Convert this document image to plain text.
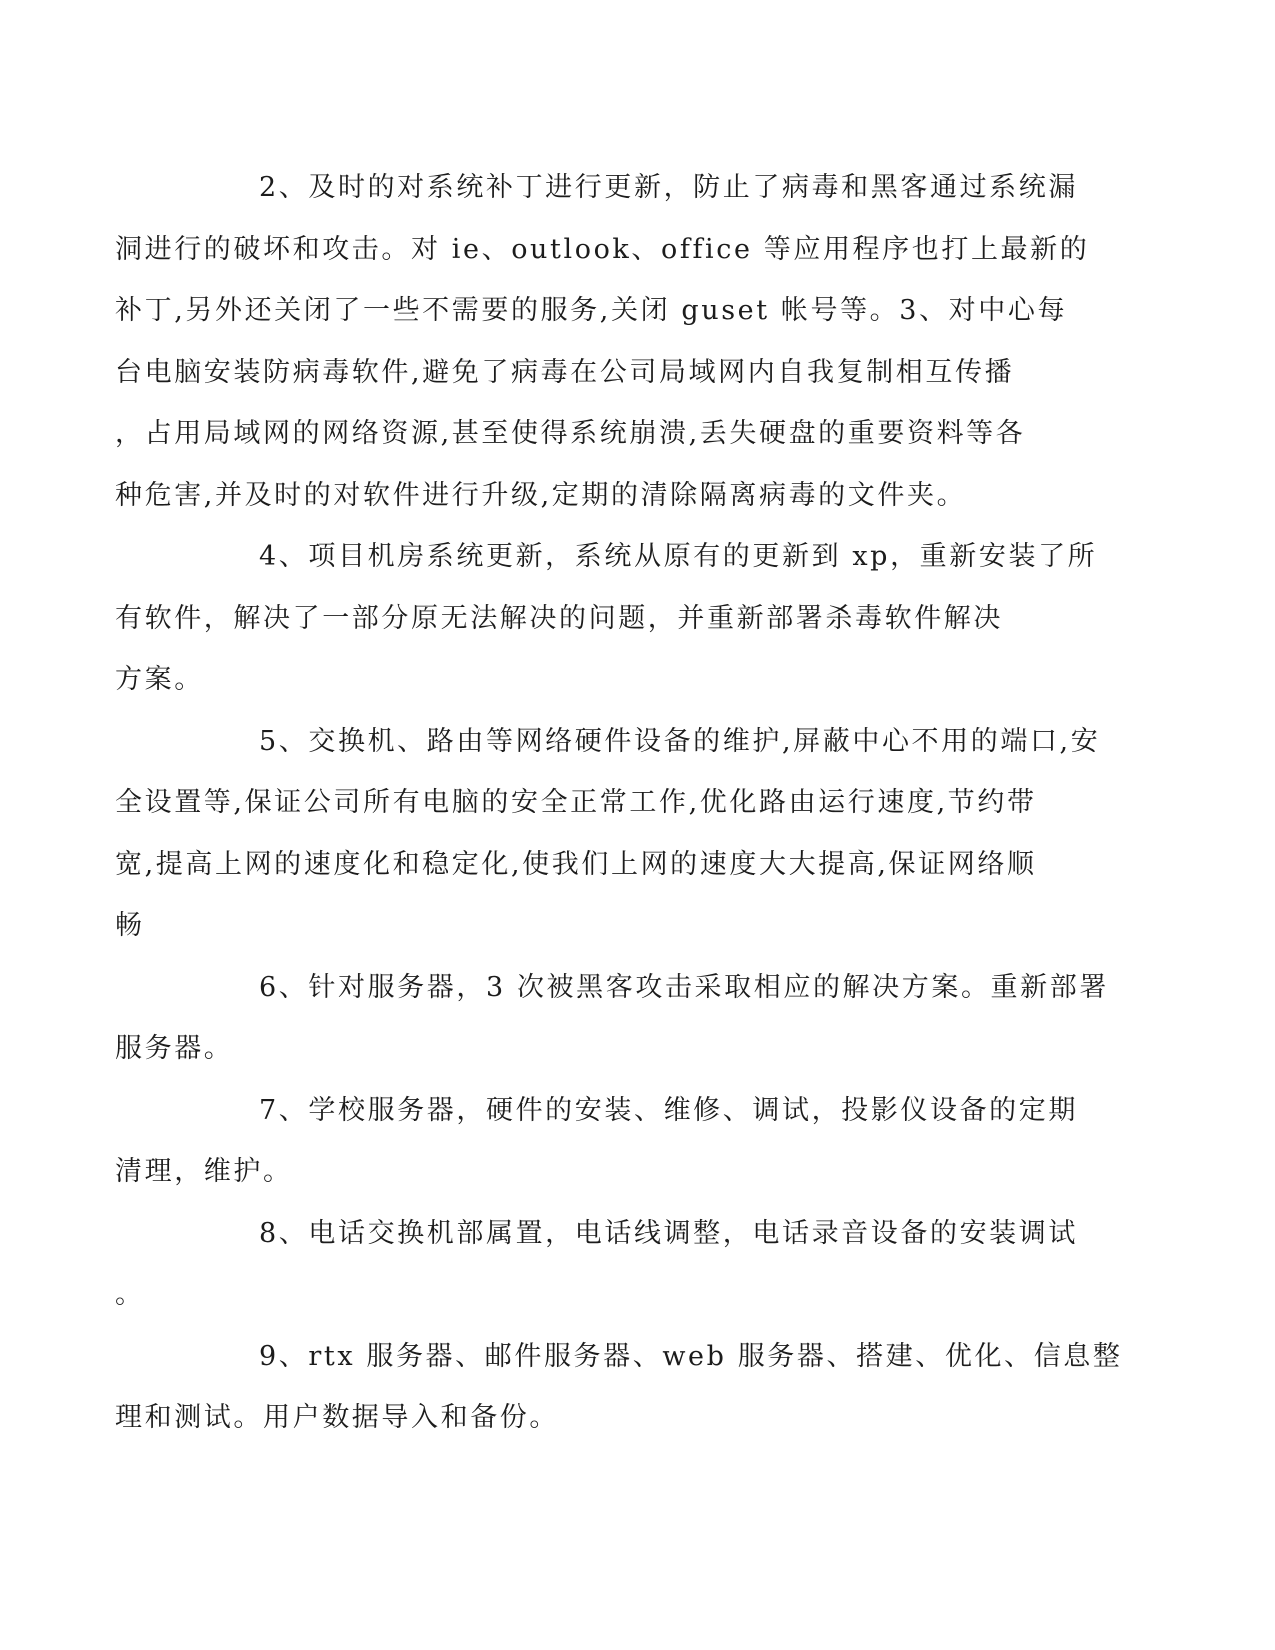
2、及时的对系统补丁进行更新，防止了病毒和黑客通过系统漏
洞进行的破坏和攻击。对 ie、outlook、office 等应用程序也打上最新的
补丁,另外还关闭了一些不需要的服务,关闭 guset 帐号等。3、对中心每
台电脑安装防病毒软件,避免了病毒在公司局域网内自我复制相互传播
，占用局域网的网络资源,甚至使得系统崩溃,丢失硬盘的重要资料等各
种危害,并及时的对软件进行升级,定期的清除隔离病毒的文件夹。

4、项目机房系统更新，系统从原有的更新到 xp，重新安装了所
有软件，解决了一部分原无法解决的问题，并重新部署杀毒软件解决
方案。

5、交换机、路由等网络硬件设备的维护,屏蔽中心不用的端口,安
全设置等,保证公司所有电脑的安全正常工作,优化路由运行速度,节约带
宽,提高上网的速度化和稳定化,使我们上网的速度大大提高,保证网络顺
畅

6、针对服务器，3 次被黑客攻击采取相应的解决方案。重新部署
服务器。

7、学校服务器，硬件的安装、维修、调试，投影仪设备的定期
清理，维护。

8、电话交换机部属置，电话线调整，电话录音设备的安装调试
。

9、rtx 服务器、邮件服务器、web 服务器、搭建、优化、信息整
理和测试。用户数据导入和备份。
